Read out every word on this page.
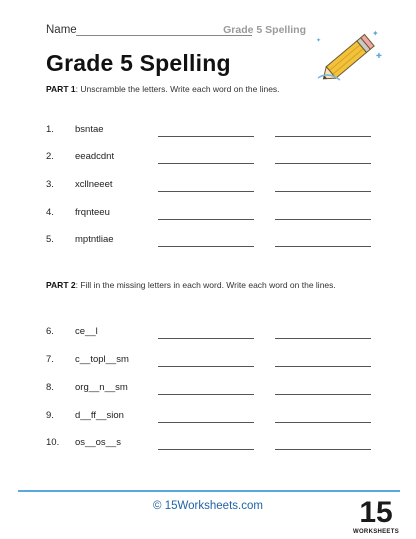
Name	Grade 5 Spelling
Grade 5 Spelling
✦
✚
✦
PART 1: Unscramble the letters. Write each word on the lines.
1. bsntae
2. eeadcdnt
3. xcllneeet
4. frqnteeu
5. mptntliae
PART 2: Fill in the missing letters in each word. Write each word on the lines.
6. ce__l
7. c__topl__sm
8. org__n__sm
9. d__ff__sion
10. os__os__s
© 15Worksheets.com	15
WORKSHEETS
